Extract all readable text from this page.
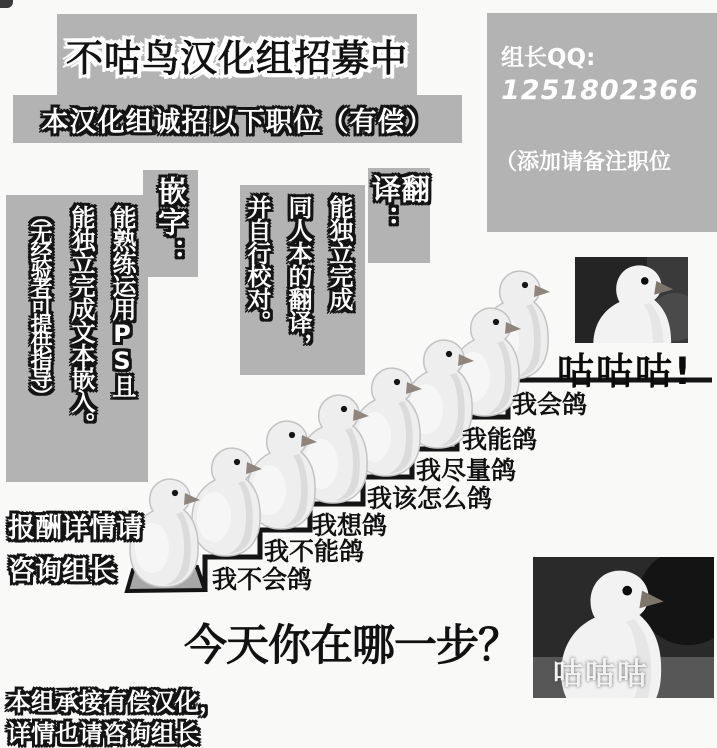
不咕鸟汉化组招募中
本汉化组诚招以下职位（有偿）
组长QQ:
1251802366
（添加请备注职位
嵌字：
能熟练运用PS且
能独立完成文本嵌入。
（无经验者可提供指导）
翻译：
能独立完成
同人本的翻译，
并自行校对。
我会鸽
我能鸽
我尽量鸽
我该怎么鸽
我想鸽
我不能鸽
我不会鸽
咕咕咕!
今天你在哪一步？
报酬详情请
咨询组长
本组承接有偿汉化，
详情也请咨询组长
咕咕咕
